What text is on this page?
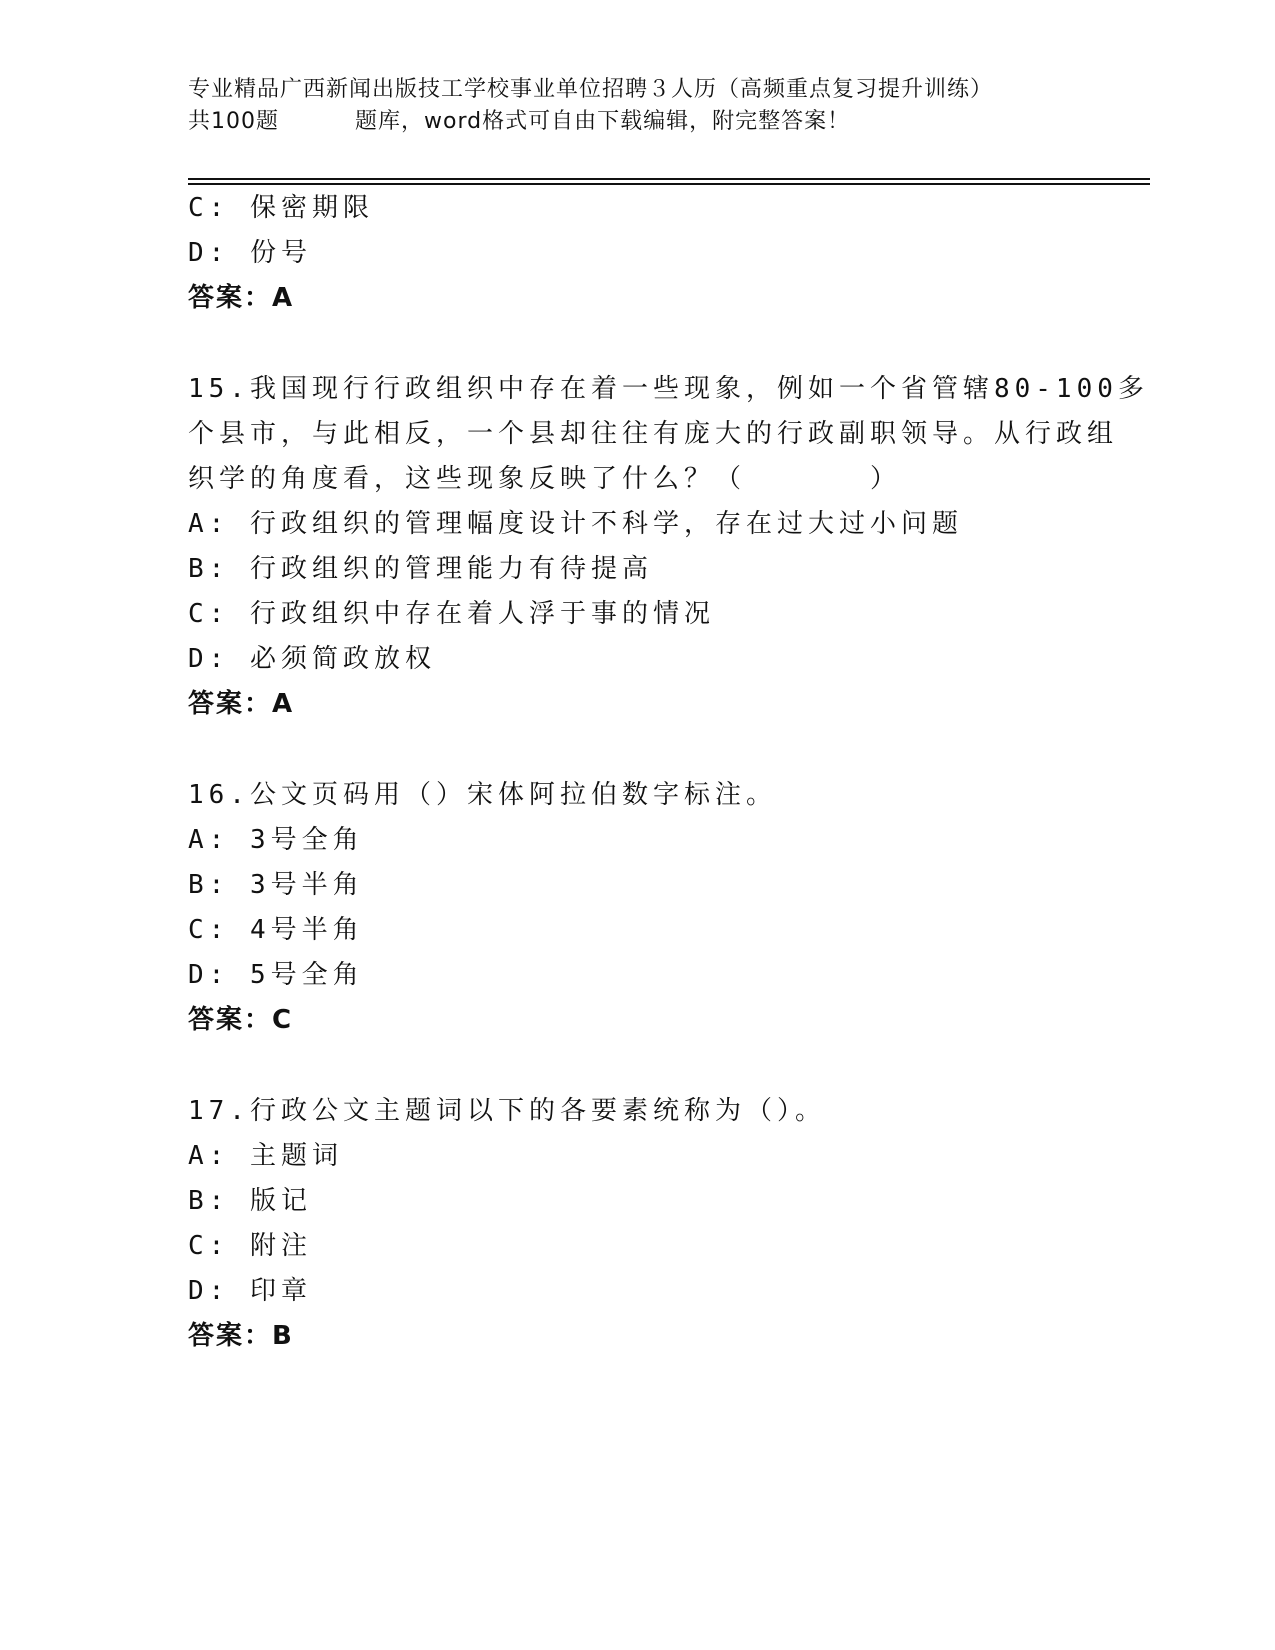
专业精品广西新闻出版技工学校事业单位招聘３人历（高频重点复习提升训练）
共100题	题库，word格式可自由下载编辑，附完整答案！
C: 保密期限
D: 份号
答案：A
15.我国现行行政组织中存在着一些现象，例如一个省管辖80-100多
个县市，与此相反，一个县却往往有庞大的行政副职领导。从行政组
织学的角度看，这些现象反映了什么？（　　　　）
A: 行政组织的管理幅度设计不科学，存在过大过小问题
B: 行政组织的管理能力有待提高
C: 行政组织中存在着人浮于事的情况
D: 必须简政放权
答案：A
16.公文页码用（）宋体阿拉伯数字标注。
A: 3号全角
B: 3号半角
C: 4号半角
D: 5号全角
答案：C
17.行政公文主题词以下的各要素统称为（）。
A: 主题词
B: 版记
C: 附注
D: 印章
答案：B
